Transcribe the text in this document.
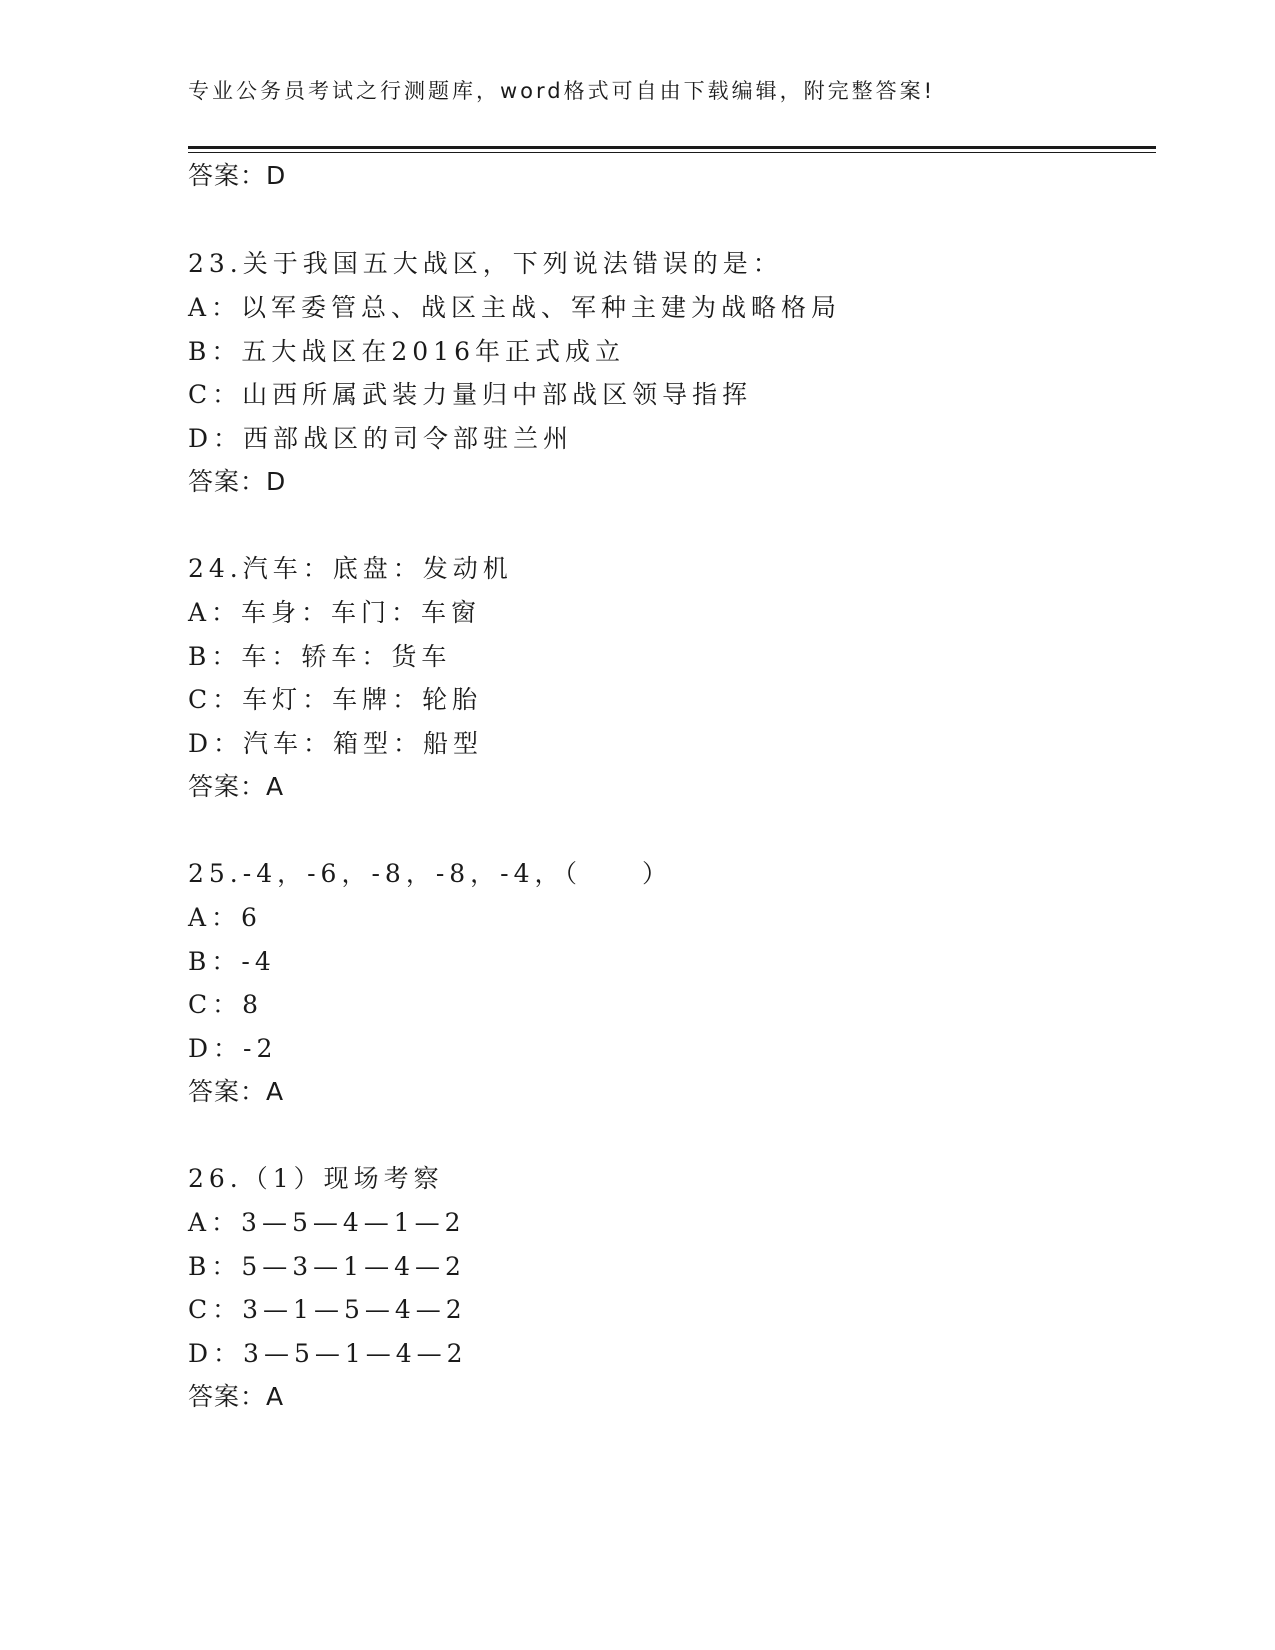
专业公务员考试之行测题库，word格式可自由下载编辑，附完整答案!
答案：D
23.关于我国五大战区，下列说法错误的是：
A：以军委管总、战区主战、军种主建为战略格局
B：五大战区在2016年正式成立
C：山西所属武装力量归中部战区领导指挥
D：西部战区的司令部驻兰州
答案：D
24.汽车：底盘：发动机
A：车身：车门：车窗
B：车：轿车：货车
C：车灯：车牌：轮胎
D：汽车：箱型：船型
答案：A
25.-4，-6，-8，-8，-4，（　　）
A：6
B：-4
C：8
D：-2
答案：A
26.（1）现场考察
A：3—5—4—1—2
B：5—3—1—4—2
C：3—1—5—4—2
D：3—5—1—4—2
答案：A
